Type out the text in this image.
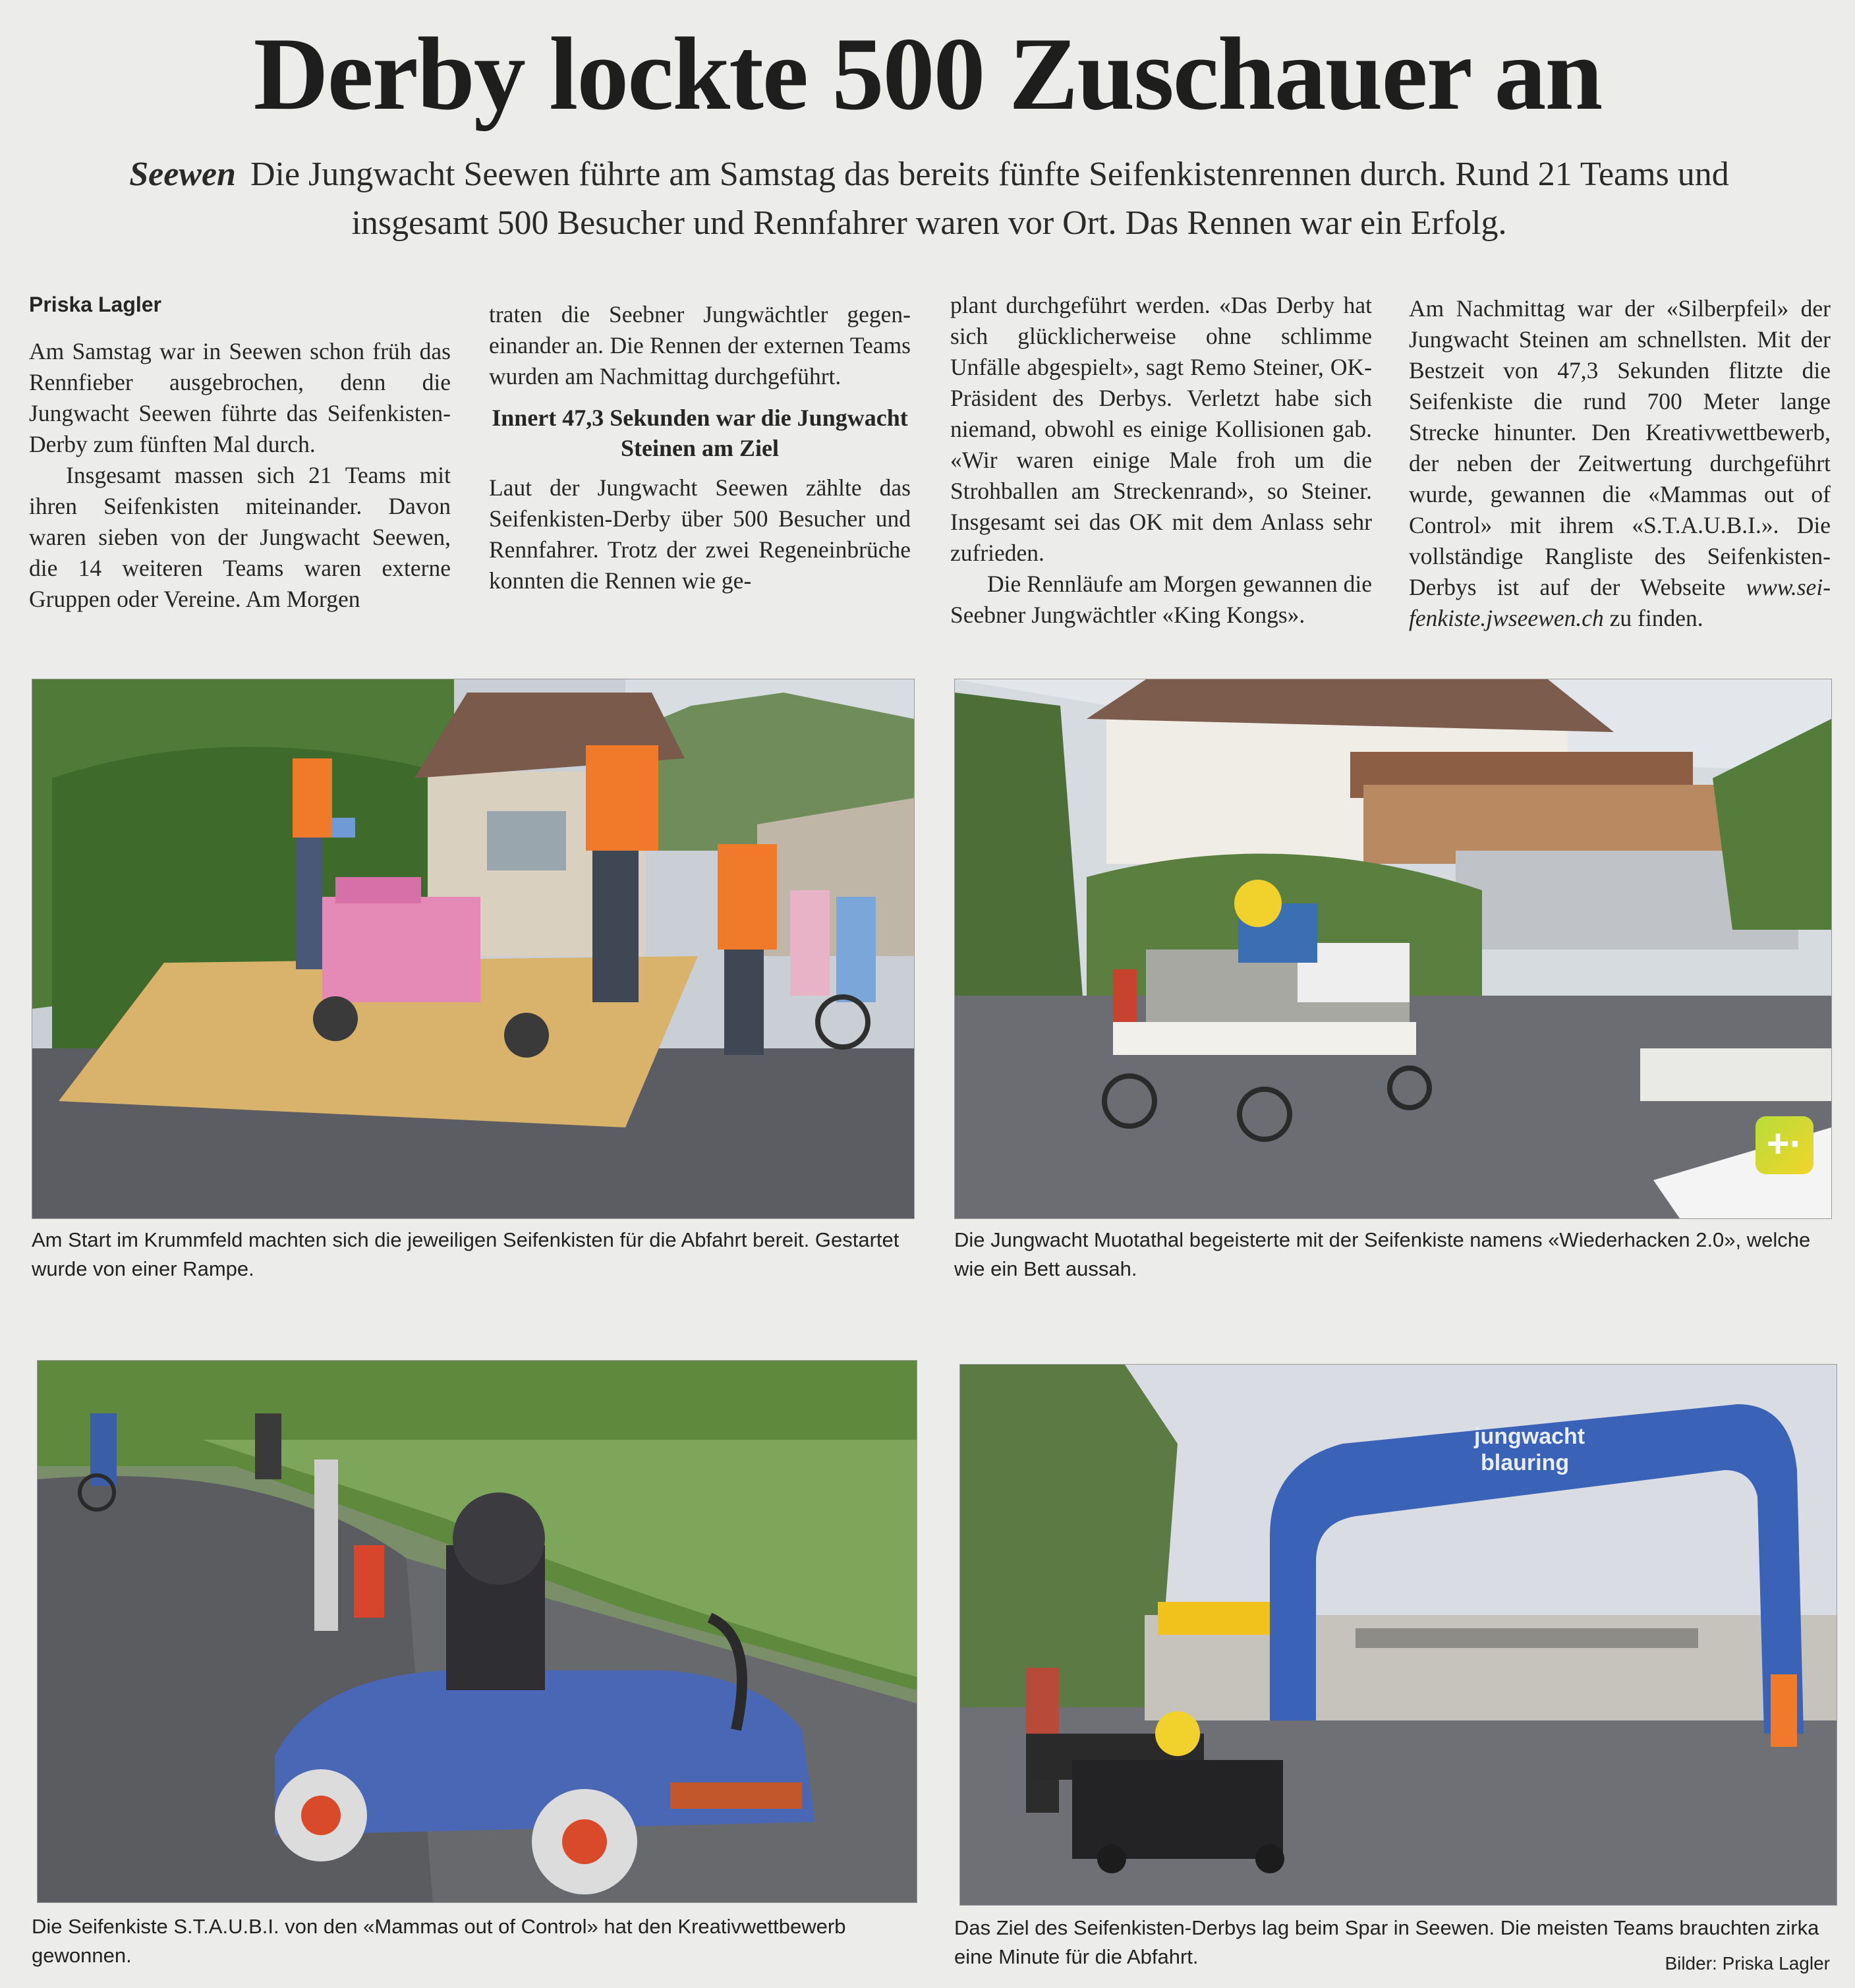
Derby lockte 500 Zuschauer an

Seewen Die Jungwacht Seewen führte am Samstag das bereits fünfte Seifenkistenrennen durch. Rund 21 Teams und insgesamt 500 Besucher und Rennfahrer waren vor Ort. Das Rennen war ein Erfolg.

Priska Lagler

Am Samstag war in Seewen schon früh das Rennfieber ausgebrochen, denn die Jungwacht Seewen führte das Seifenkisten-Derby zum fünften Mal durch.

Insgesamt massen sich 21 Teams mit ihren Seifenkisten miteinander. Davon waren sieben von der Jungwacht Seewen, die 14 weiteren Teams waren externe Gruppen oder Vereine. Am Morgen

traten die Seebner Jungwächtler gegeneinander an. Die Rennen der externen Teams wurden am Nachmittag durchgeführt.

Innert 47,3 Sekunden war die Jungwacht Steinen am Ziel

Laut der Jungwacht Seewen zählte das Seifenkisten-Derby über 500 Besucher und Rennfahrer. Trotz der zwei Regeneinbrüche konnten die Rennen wie ge-

plant durchgeführt werden. «Das Derby hat sich glücklicherweise ohne schlimme Unfälle abgespielt», sagt Remo Steiner, OK-Präsident des Derbys. Verletzt habe sich niemand, obwohl es einige Kollisionen gab. «Wir waren einige Male froh um die Strohballen am Streckenrand», so Steiner. Insgesamt sei das OK mit dem Anlass sehr zufrieden.

Die Rennläufe am Morgen gewannen die Seebner Jungwächtler «King Kongs».

Am Nachmittag war der «Silberpfeil» der Jungwacht Steinen am schnellsten. Mit der Bestzeit von 47,3 Sekunden flitzte die Seifenkiste die rund 700 Meter lange Strecke hinunter. Den Kreativwettbewerb, der neben der Zeitwertung durchgeführt wurde, gewannen die «Mammas out of Control» mit ihrem «S.T.A.U.B.I.». Die vollständige Rangliste des Seifenkisten-Derbys ist auf der Webseite www.seifenkiste.jwseewen.ch zu finden.

Am Start im Krummfeld machten sich die jeweiligen Seifenkisten für die Abfahrt bereit. Gestartet wurde von einer Rampe.

+·

Die Jungwacht Muotathal begeisterte mit der Seifenkiste namens «Wiederhacken 2.0», welche wie ein Bett aussah.

Die Seifenkiste S.T.A.U.B.I. von den «Mammas out of Control» hat den Kreativwettbewerb gewonnen.

jungwacht
blauring

Das Ziel des Seifenkisten-Derbys lag beim Spar in Seewen. Die meisten Teams brauchten zirka eine Minute für die Abfahrt.	Bilder: Priska Lagler
